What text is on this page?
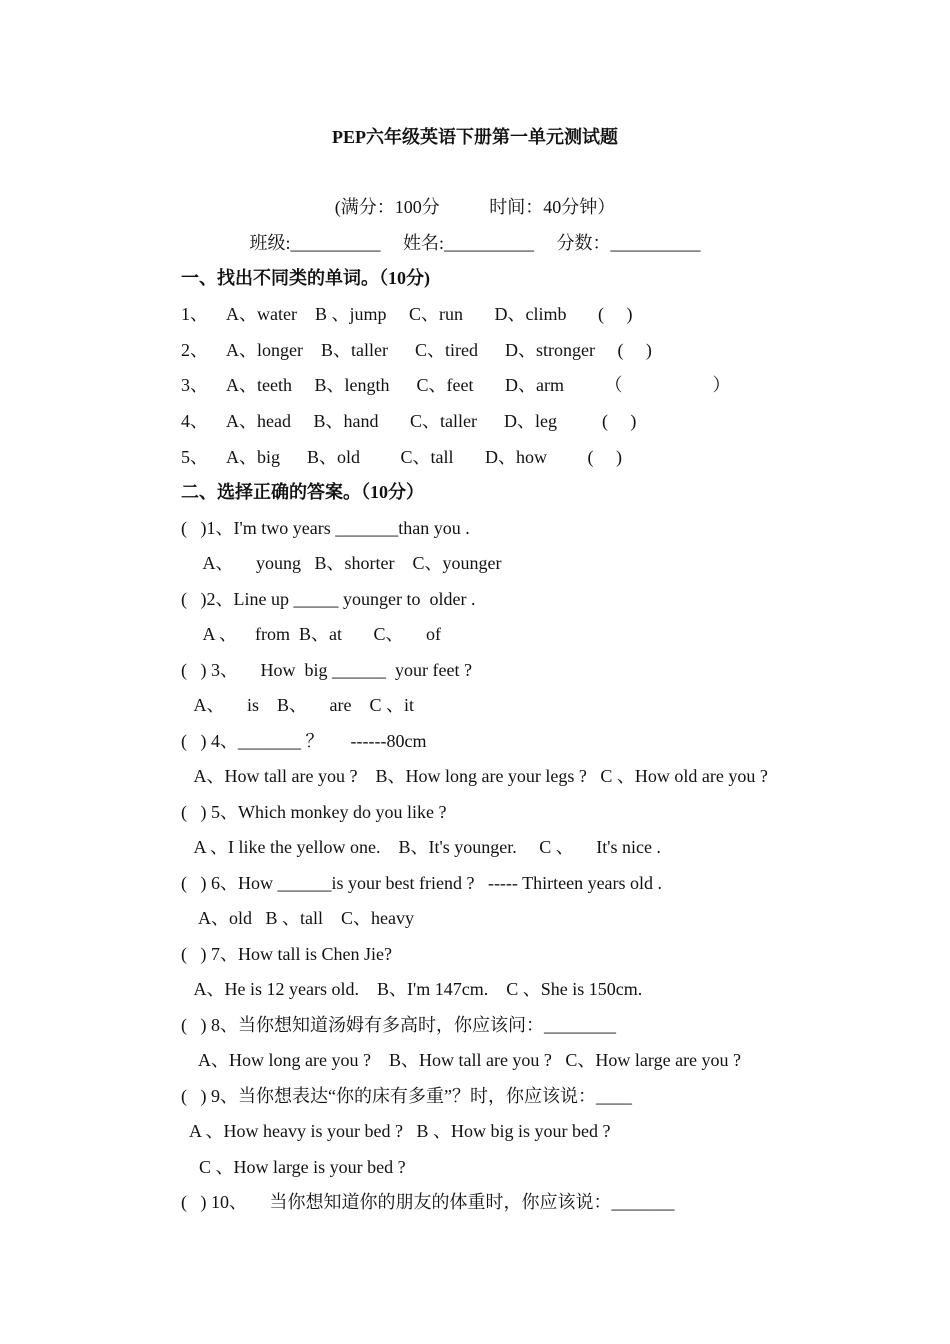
PEP六年级英语下册第一单元测试题
(满分：100分           时间：40分钟）
班级:__________     姓名:__________     分数：__________
一、找出不同类的单词。（10分)
1、    A、water    B 、jump     C、run       D、climb       (     )
2、    A、longer    B、taller      C、tired      D、stronger     (     )
3、    A、teeth     B、length      C、feet       D、arm         （                    ）
4、    A、head     B、hand       C、taller      D、leg          (     )
5、    A、big      B、old         C、tall       D、how         (     )
二、选择正确的答案。（10分）
(   )1、I'm two years _______than you .
A、     young   B、shorter    C、younger
(   )2、Line up _____ younger to  older .
A 、    from  B、at       C、     of
(   ) 3、     How  big ______  your feet ?
A、     is    B、     are    C 、it
(   ) 4、_______ ？      ------80cm
A、How tall are you ?    B、How long are your legs ?   C 、How old are you ?
(   ) 5、Which monkey do you like ?
A 、I like the yellow one.    B、It's younger.     C 、     It's nice .
(   ) 6、How ______is your best friend ?   ----- Thirteen years old .
A、old   B 、tall    C、heavy
(   ) 7、How tall is Chen Jie?
A、He is 12 years old.    B、I'm 147cm.    C 、She is 150cm.
(   ) 8、当你想知道汤姆有多高时，你应该问：________
A、How long are you ?    B、How tall are you ?   C、How large are you ?
(   ) 9、当你想表达“你的床有多重”？时，你应该说：____
A 、How heavy is your bed ?   B 、How big is your bed ?
C 、How large is your bed ?
(   ) 10、     当你想知道你的朋友的体重时，你应该说：_______
